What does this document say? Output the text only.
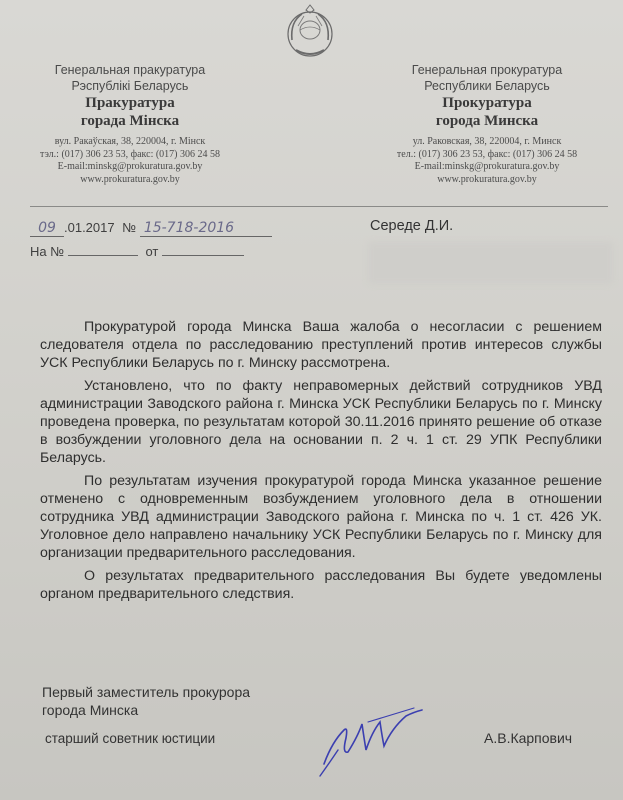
Генеральная пракуратура
Рэспублікі Беларусь
Пракуратура
горада Мінска
вул. Ракаўская, 38, 220004, г. Мінск
тэл.: (017) 306 23 53, факс: (017) 306 24 58
E-mail:minskg@prokuratura.gov.by
www.prokuratura.gov.by
Генеральная прокуратура
Республики Беларусь
Прокуратура
города Минска
ул. Раковская, 38, 220004, г. Минск
тел.: (017) 306 23 53, факс: (017) 306 24 58
E-mail:minskg@prokuratura.gov.by
www.prokuratura.gov.by
09 .01.2017 № 15-718-2016
На №	от
Середе Д.И.

Прокуратурой города Минска Ваша жалоба о несогласии с решением следователя отдела по расследованию преступлений против интересов службы УСК Республики Беларусь по г. Минску рассмотрена.

Установлено, что по факту неправомерных действий сотрудников УВД администрации Заводского района г. Минска УСК Республики Беларусь по г. Минску проведена проверка, по результатам которой 30.11.2016 принято решение об отказе в возбуждении уголовного дела на основании п. 2 ч. 1 ст. 29 УПК Республики Беларусь.

По результатам изучения прокуратурой города Минска указанное решение отменено с одновременным возбуждением уголовного дела в отношении сотрудника УВД администрации Заводского района г. Минска по ч. 1 ст. 426 УК. Уголовное дело направлено начальнику УСК Республики Беларусь по г. Минску для организации предварительного расследования.

О результатах предварительного расследования Вы будете уведомлены органом предварительного следствия.

Первый заместитель прокурора
города Минска
старший советник юстиции	А.В.Карпович
